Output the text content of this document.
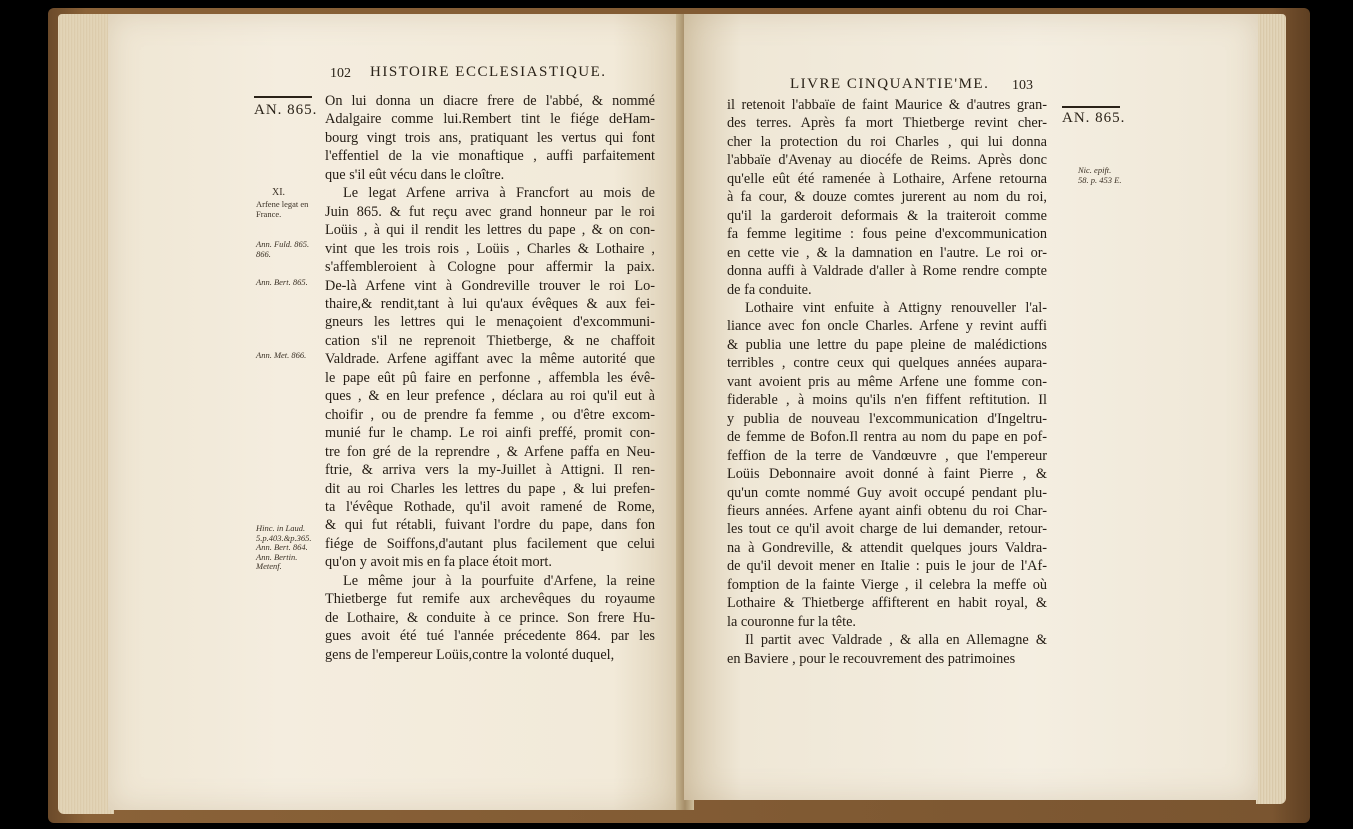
102 HISTOIRE ECCLESIASTIQUE.
AN. 865.
XI.
Arfene legat en France.
Ann. Fuld. 865. 866.
Ann. Bert. 865.
Ann. Met. 866.
Hinc. in Laud. 5.p.403.&p.365. Ann. Bert. 864. Ann. Bertin. Metenf.
On lui donna un diacre frere de l'abbé, & nommé
Adalgaire comme lui.Rembert tint le fiége deHam-
bourg vingt trois ans, pratiquant les vertus qui font
l'effentiel de la vie monaftique , auffi parfaitement
que s'il eût vécu dans le cloître.
Le legat Arfene arriva à Francfort au mois de
Juin 865. & fut reçu avec grand honneur par le roi
Loüis , à qui il rendit les lettres du pape , & on con-
vint que les trois rois , Loüis , Charles & Lothaire ,
s'affembleroient à Cologne pour affermir la paix.
De-là Arfene vint à Gondreville trouver le roi Lo-
thaire,& rendit,tant à lui qu'aux évêques & aux fei-
gneurs les lettres qui le menaçoient d'excommuni-
cation s'il ne reprenoit Thietberge, & ne chaffoit
Valdrade. Arfene agiffant avec la même autorité que
le pape eût pû faire en perfonne , affembla les évê-
ques , & en leur prefence , déclara au roi qu'il eut à
choifir , ou de prendre fa femme , ou d'être excom-
munié fur le champ. Le roi ainfi preffé, promit con-
tre fon gré de la reprendre , & Arfene paffa en Neu-
ftrie, & arriva vers la my-Juillet à Attigni. Il ren-
dit au roi Charles les lettres du pape , & lui prefen-
ta l'évêque Rothade, qu'il avoit ramené de Rome,
& qui fut rétabli, fuivant l'ordre du pape, dans fon
fiége de Soiffons,d'autant plus facilement que celui
qu'on y avoit mis en fa place étoit mort.
Le même jour à la pourfuite d'Arfene, la reine
Thietberge fut remife aux archevêques du royaume
de Lothaire, & conduite à ce prince. Son frere Hu-
gues avoit été tué l'année précedente 864. par les
gens de l'empereur Loüis,contre la volonté duquel,
LIVRE CINQUANTIE'ME. 103
AN. 865.
Nic. epift. 58. p. 453 E.
il retenoit l'abbaïe de faint Maurice & d'autres gran-
des terres. Après fa mort Thietberge revint cher-
cher la protection du roi Charles , qui lui donna
l'abbaïe d'Avenay au diocéfe de Reims. Après donc
qu'elle eût été ramenée à Lothaire, Arfene retourna
à fa cour, & douze comtes jurerent au nom du roi,
qu'il la garderoit deformais & la traiteroit comme
fa femme legitime : fous peine d'excommunication
en cette vie , & la damnation en l'autre. Le roi or-
donna auffi à Valdrade d'aller à Rome rendre compte
de fa conduite.
Lothaire vint enfuite à Attigny renouveller l'al-
liance avec fon oncle Charles. Arfene y revint auffi
& publia une lettre du pape pleine de malédictions
terribles , contre ceux qui quelques années aupara-
vant avoient pris au même Arfene une fomme con-
fiderable , à moins qu'ils n'en fiffent reftitution. Il
y publia de nouveau l'excommunication d'Ingeltru-
de femme de Bofon.Il rentra au nom du pape en pof-
feffion de la terre de Vandœuvre , que l'empereur
Loüis Debonnaire avoit donné à faint Pierre , &
qu'un comte nommé Guy avoit occupé pendant plu-
fieurs années. Arfene ayant ainfi obtenu du roi Char-
les tout ce qu'il avoit charge de lui demander, retour-
na à Gondreville, & attendit quelques jours Valdra-
de qu'il devoit mener en Italie : puis le jour de l'Af-
fomption de la fainte Vierge , il celebra la meffe où
Lothaire & Thietberge affifterent en habit royal, &
la couronne fur la tête.
Il partit avec Valdrade , & alla en Allemagne &
en Baviere , pour le recouvrement des patrimoines
